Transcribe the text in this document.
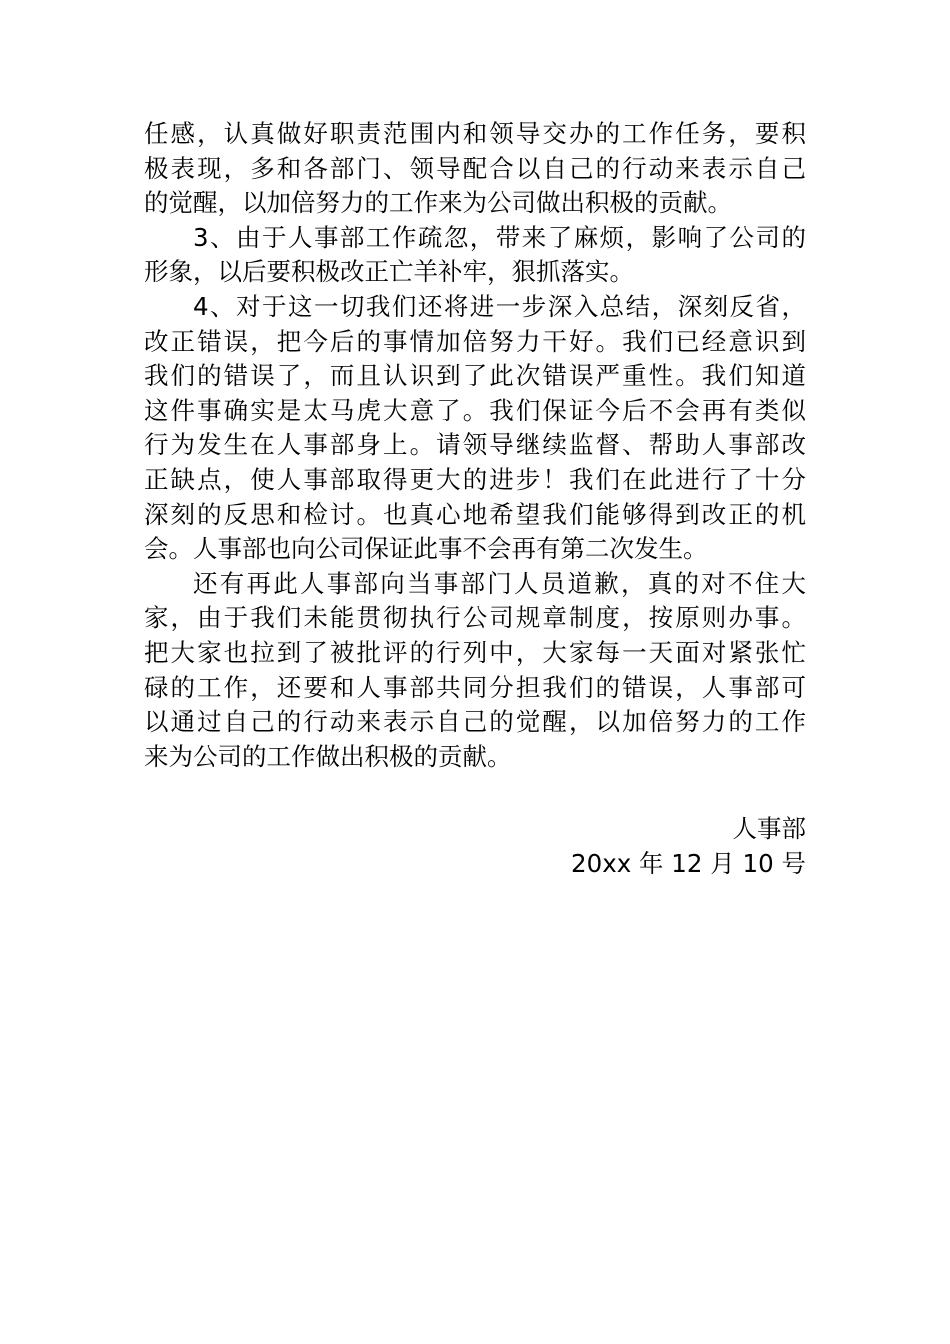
任感，认真做好职责范围内和领导交办的工作任务，要积
极表现，多和各部门、领导配合以自己的行动来表示自己
的觉醒，以加倍努力的工作来为公司做出积极的贡献。
3、由于人事部工作疏忽，带来了麻烦，影响了公司的
形象，以后要积极改正亡羊补牢，狠抓落实。
4、对于这一切我们还将进一步深入总结，深刻反省，
改正错误，把今后的事情加倍努力干好。我们已经意识到
我们的错误了，而且认识到了此次错误严重性。我们知道
这件事确实是太马虎大意了。我们保证今后不会再有类似
行为发生在人事部身上。请领导继续监督、帮助人事部改
正缺点，使人事部取得更大的进步！我们在此进行了十分
深刻的反思和检讨。也真心地希望我们能够得到改正的机
会。人事部也向公司保证此事不会再有第二次发生。
还有再此人事部向当事部门人员道歉，真的对不住大
家，由于我们未能贯彻执行公司规章制度，按原则办事。
把大家也拉到了被批评的行列中，大家每一天面对紧张忙
碌的工作，还要和人事部共同分担我们的错误，人事部可
以通过自己的行动来表示自己的觉醒，以加倍努力的工作
来为公司的工作做出积极的贡献。
人事部
20xx 年 12 月 10 号
